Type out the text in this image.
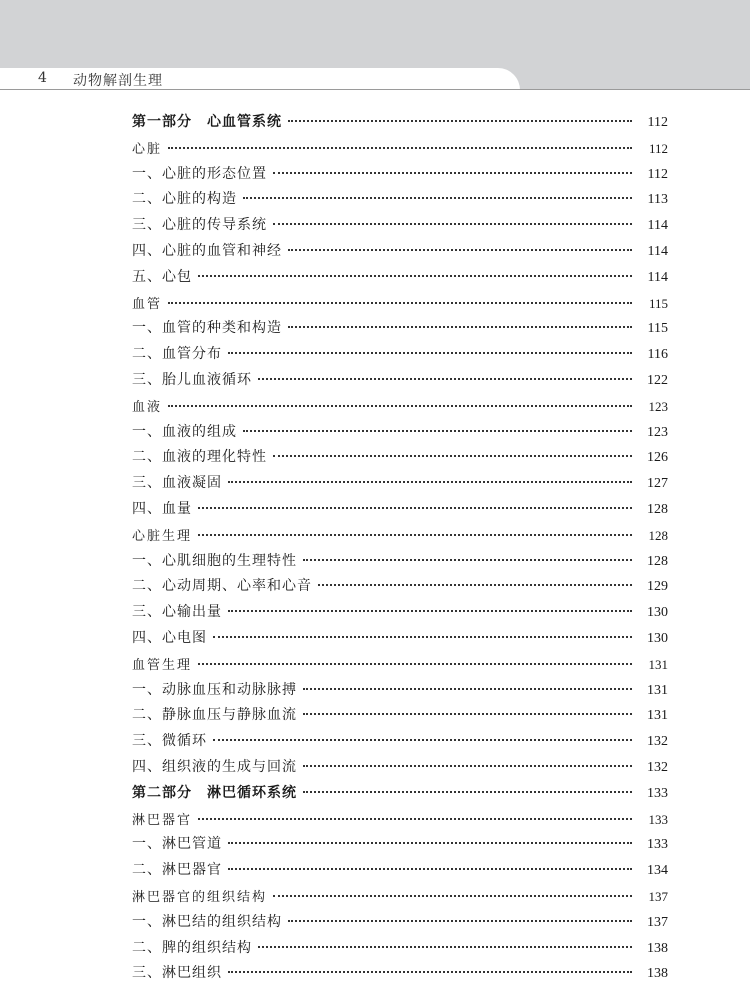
4 动物解剖生理
第一部分　心血管系统	112
心脏	112
一、心脏的形态位置	112
二、心脏的构造	113
三、心脏的传导系统	114
四、心脏的血管和神经	114
五、心包	114
血管	115
一、血管的种类和构造	115
二、血管分布	116
三、胎儿血液循环	122
血液	123
一、血液的组成	123
二、血液的理化特性	126
三、血液凝固	127
四、血量	128
心脏生理	128
一、心肌细胞的生理特性	128
二、心动周期、心率和心音	129
三、心输出量	130
四、心电图	130
血管生理	131
一、动脉血压和动脉脉搏	131
二、静脉血压与静脉血流	131
三、微循环	132
四、组织液的生成与回流	132
第二部分　淋巴循环系统	133
淋巴器官	133
一、淋巴管道	133
二、淋巴器官	134
淋巴器官的组织结构	137
一、淋巴结的组织结构	137
二、脾的组织结构	138
三、淋巴组织	138
